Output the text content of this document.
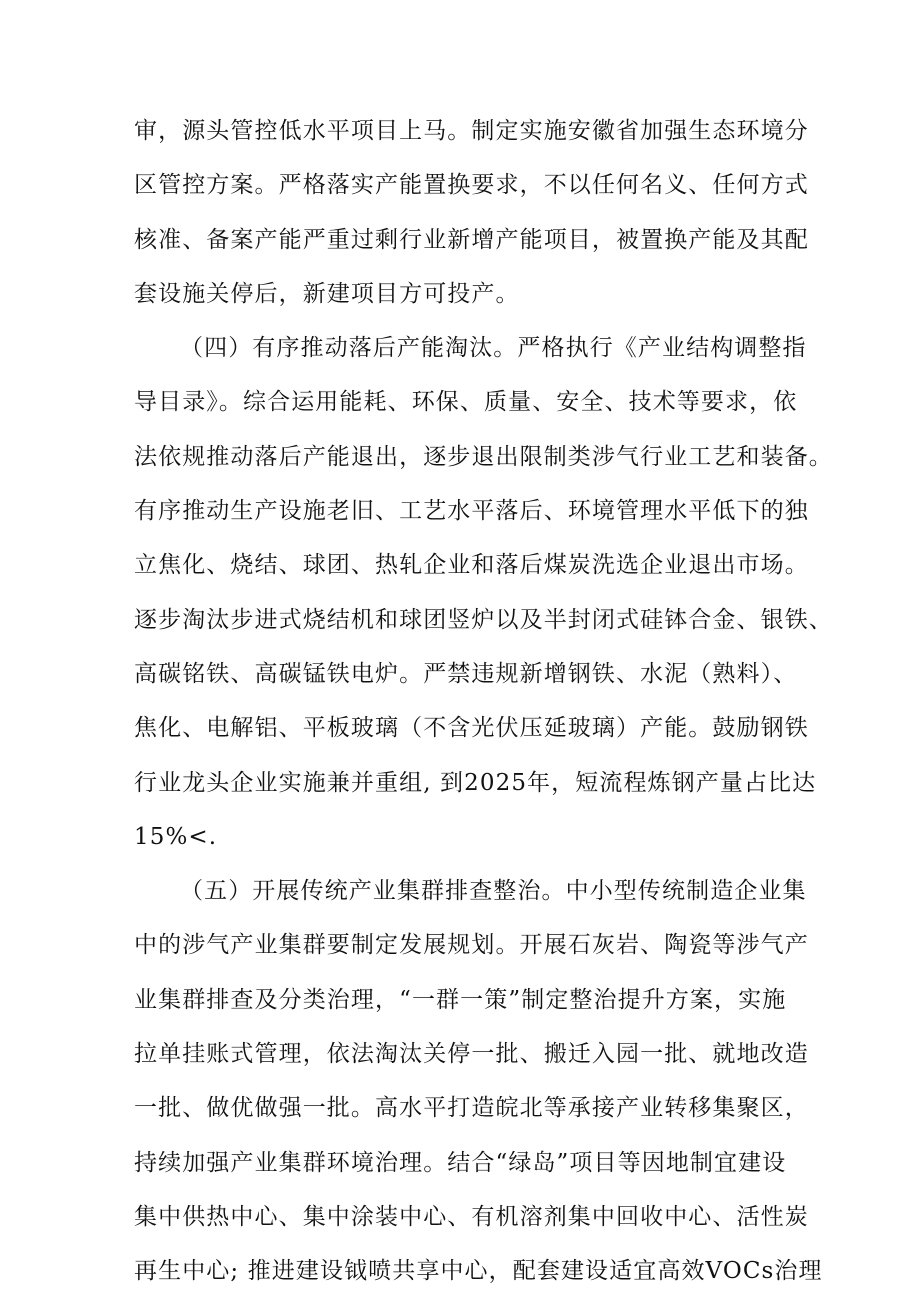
审，源头管控低水平项目上马。制定实施安徽省加强生态环境分
区管控方案。严格落实产能置换要求，不以任何名义、任何方式
核准、备案产能严重过剩行业新增产能项目，被置换产能及其配
套设施关停后，新建项目方可投产。
（四）有序推动落后产能淘汰。严格执行《产业结构调整指
导目录》。综合运用能耗、环保、质量、安全、技术等要求，依
法依规推动落后产能退出，逐步退出限制类涉气行业工艺和装备。
有序推动生产设施老旧、工艺水平落后、环境管理水平低下的独
立焦化、烧结、球团、热轧企业和落后煤炭洗选企业退出市场。
逐步淘汰步进式烧结机和球团竖炉以及半封闭式硅钵合金、银铁、
高碳铭铁、高碳锰铁电炉。严禁违规新增钢铁、水泥（熟料）、
焦化、电解铝、平板玻璃（不含光伏压延玻璃）产能。鼓励钢铁
行业龙头企业实施兼并重组, 到2025年，短流程炼钢产量占比达
15%<.
（五）开展传统产业集群排查整治。中小型传统制造企业集
中的涉气产业集群要制定发展规划。开展石灰岩、陶瓷等涉气产
业集群排查及分类治理，“一群一策”制定整治提升方案，实施
拉单挂账式管理，依法淘汰关停一批、搬迁入园一批、就地改造
一批、做优做强一批。高水平打造皖北等承接产业转移集聚区，
持续加强产业集群环境治理。结合“绿岛”项目等因地制宜建设
集中供热中心、集中涂装中心、有机溶剂集中回收中心、活性炭
再生中心; 推进建设钺喷共享中心，配套建设适宜高效VOCs治理
